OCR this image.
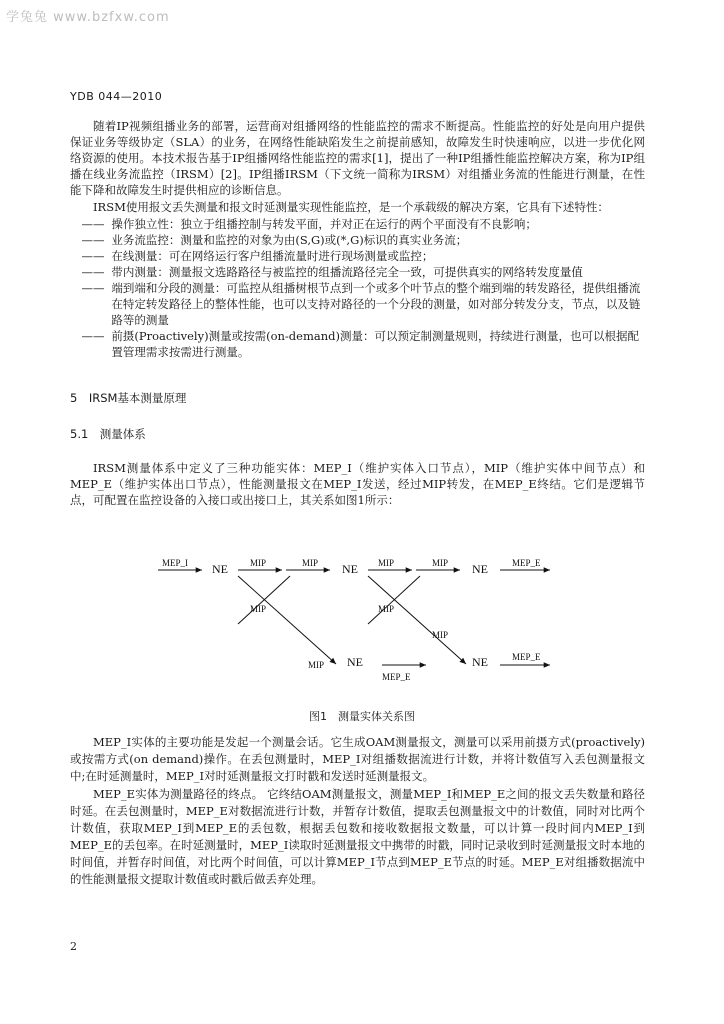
学兔兔 www.bzfxw.com
YDB 044—2010

随着IP视频组播业务的部署，运营商对组播网络的性能监控的需求不断提高。性能监控的好处是向用户提供保证业务等级协定（SLA）的业务，在网络性能缺陷发生之前提前感知，故障发生时快速响应，以进一步优化网络资源的使用。本技术报告基于IP组播网络性能监控的需求[1]，提出了一种IP组播性能监控解决方案，称为IP组播在线业务流监控（IRSM）[2]。IP组播IRSM（下文统一简称为IRSM）对组播业务流的性能进行测量，在性能下降和故障发生时提供相应的诊断信息。

IRSM使用报文丢失测量和报文时延测量实现性能监控，是一个承载级的解决方案，它具有下述特性：

—— 操作独立性：独立于组播控制与转发平面，并对正在运行的两个平面没有不良影响；
—— 业务流监控：测量和监控的对象为由(S,G)或(*,G)标识的真实业务流；
—— 在线测量：可在网络运行客户组播流量时进行现场测量或监控；
—— 带内测量：测量报文选路路径与被监控的组播流路径完全一致，可提供真实的网络转发度量值
—— 端到端和分段的测量：可监控从组播树根节点到一个或多个叶节点的整个端到端的转发路径，提供组播流在特定转发路径上的整体性能，也可以支持对路径的一个分段的测量，如对部分转发分支，节点，以及链路等的测量
—— 前摄(Proactively)测量或按需(on-demand)测量：可以预定制测量规则，持续进行测量，也可以根据配置管理需求按需进行测量。

5　IRSM基本测量原理

5.1　测量体系

IRSM测量体系中定义了三种功能实体：MEP_I（维护实体入口节点），MIP（维护实体中间节点）和MEP_E（维护实体出口节点），性能测量报文在MEP_I发送，经过MIP转发，在MEP_E终结。它们是逻辑节点，可配置在监控设备的入接口或出接口上，其关系如图1所示：

MEP_I NE MIP	MIP NE MIP	MIP NE	MEP_E
MIP
MIP
MIP
MIP
NE
MEP_E
NE	MEP_E
图1　测量实体关系图

MEP_I实体的主要功能是发起一个测量会话。它生成OAM测量报文，测量可以采用前摄方式(proactively)或按需方式(on demand)操作。在丢包测量时，MEP_I对组播数据流进行计数，并将计数值写入丢包测量报文中;在时延测量时，MEP_I对时延测量报文打时戳和发送时延测量报文。

MEP_E实体为测量路径的终点。 它终结OAM测量报文，测量MEP_I和MEP_E之间的报文丢失数量和路径时延。在丢包测量时，MEP_E对数据流进行计数，并暂存计数值，提取丢包测量报文中的计数值，同时对比两个计数值，获取MEP_I到MEP_E的丢包数，根据丢包数和接收数据报文数量，可以计算一段时间内MEP_I到MEP_E的丢包率。在时延测量时，MEP_I读取时延测量报文中携带的时戳，同时记录收到时延测量报文时本地的时间值，并暂存时间值，对比两个时间值，可以计算MEP_I节点到MEP_E节点的时延。MEP_E对组播数据流中的性能测量报文提取计数值或时戳后做丢弃处理。

2
